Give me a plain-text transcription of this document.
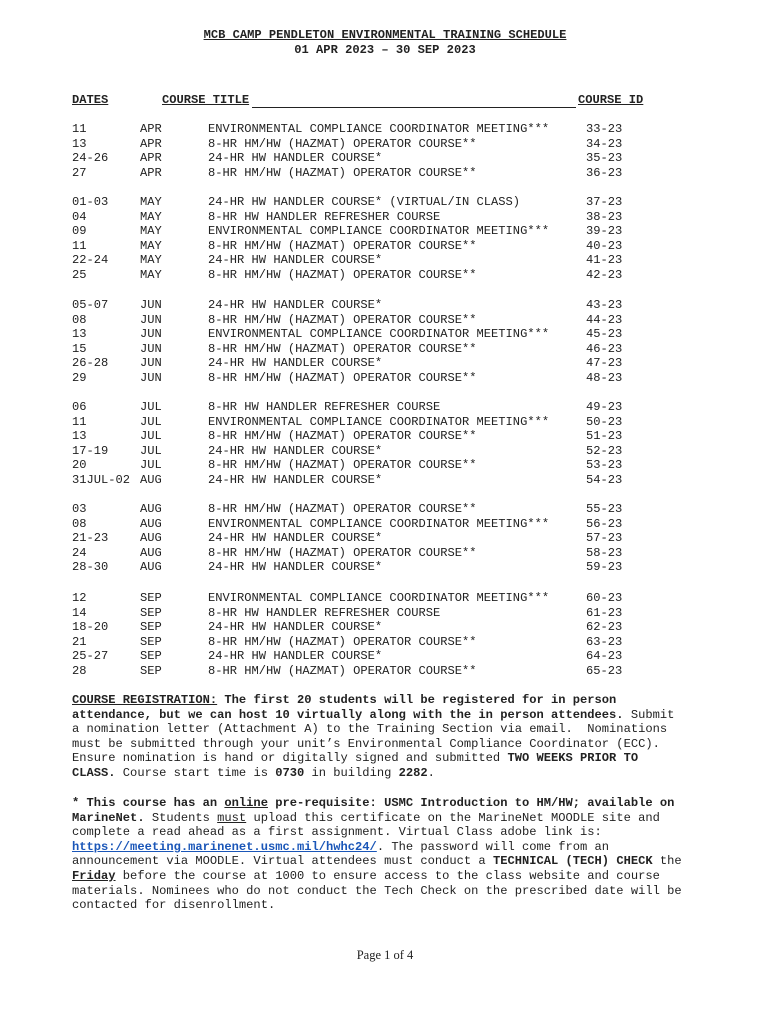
MCB CAMP PENDLETON ENVIRONMENTAL TRAINING SCHEDULE
01 APR 2023 – 30 SEP 2023
DATES	COURSE TITLE	COURSE ID
11	APR	ENVIRONMENTAL COMPLIANCE COORDINATOR MEETING***	33-23
13	APR	8-HR HM/HW (HAZMAT) OPERATOR COURSE**	34-23
24-26	APR	24-HR HW HANDLER COURSE*	35-23
27	APR	8-HR HM/HW (HAZMAT) OPERATOR COURSE**	36-23
01-03	MAY	24-HR HW HANDLER COURSE* (VIRTUAL/IN CLASS)	37-23
04	MAY	8-HR HW HANDLER REFRESHER COURSE	38-23
09	MAY	ENVIRONMENTAL COMPLIANCE COORDINATOR MEETING***	39-23
11	MAY	8-HR HM/HW (HAZMAT) OPERATOR COURSE**	40-23
22-24	MAY	24-HR HW HANDLER COURSE*	41-23
25	MAY	8-HR HM/HW (HAZMAT) OPERATOR COURSE**	42-23
05-07	JUN	24-HR HW HANDLER COURSE*	43-23
08	JUN	8-HR HM/HW (HAZMAT) OPERATOR COURSE**	44-23
13	JUN	ENVIRONMENTAL COMPLIANCE COORDINATOR MEETING***	45-23
15	JUN	8-HR HM/HW (HAZMAT) OPERATOR COURSE**	46-23
26-28	JUN	24-HR HW HANDLER COURSE*	47-23
29	JUN	8-HR HM/HW (HAZMAT) OPERATOR COURSE**	48-23
06	JUL	8-HR HW HANDLER REFRESHER COURSE	49-23
11	JUL	ENVIRONMENTAL COMPLIANCE COORDINATOR MEETING***	50-23
13	JUL	8-HR HM/HW (HAZMAT) OPERATOR COURSE**	51-23
17-19	JUL	24-HR HW HANDLER COURSE*	52-23
20	JUL	8-HR HM/HW (HAZMAT) OPERATOR COURSE**	53-23
31JUL-02 AUG	24-HR HW HANDLER COURSE*	54-23
03	AUG	8-HR HM/HW (HAZMAT) OPERATOR COURSE**	55-23
08	AUG	ENVIRONMENTAL COMPLIANCE COORDINATOR MEETING***	56-23
21-23	AUG	24-HR HW HANDLER COURSE*	57-23
24	AUG	8-HR HM/HW (HAZMAT) OPERATOR COURSE**	58-23
28-30	AUG	24-HR HW HANDLER COURSE*	59-23
12	SEP	ENVIRONMENTAL COMPLIANCE COORDINATOR MEETING***	60-23
14	SEP	8-HR HW HANDLER REFRESHER COURSE	61-23
18-20	SEP	24-HR HW HANDLER COURSE*	62-23
21	SEP	8-HR HM/HW (HAZMAT) OPERATOR COURSE**	63-23
25-27	SEP	24-HR HW HANDLER COURSE*	64-23
28	SEP	8-HR HM/HW (HAZMAT) OPERATOR COURSE**	65-23
COURSE REGISTRATION: The first 20 students will be registered for in person
attendance, but we can host 10 virtually along with the in person attendees. Submit
a nomination letter (Attachment A) to the Training Section via email.  Nominations
must be submitted through your unit’s Environmental Compliance Coordinator (ECC).
Ensure nomination is hand or digitally signed and submitted TWO WEEKS PRIOR TO
CLASS. Course start time is 0730 in building 2282.
* This course has an online pre-requisite: USMC Introduction to HM/HW; available on
MarineNet. Students must upload this certificate on the MarineNet MOODLE site and
complete a read ahead as a first assignment. Virtual Class adobe link is:
https://meeting.marinenet.usmc.mil/hwhc24/. The password will come from an
announcement via MOODLE. Virtual attendees must conduct a TECHNICAL (TECH) CHECK the
Friday before the course at 1000 to ensure access to the class website and course
materials. Nominees who do not conduct the Tech Check on the prescribed date will be
contacted for disenrollment.
Page 1 of 4
